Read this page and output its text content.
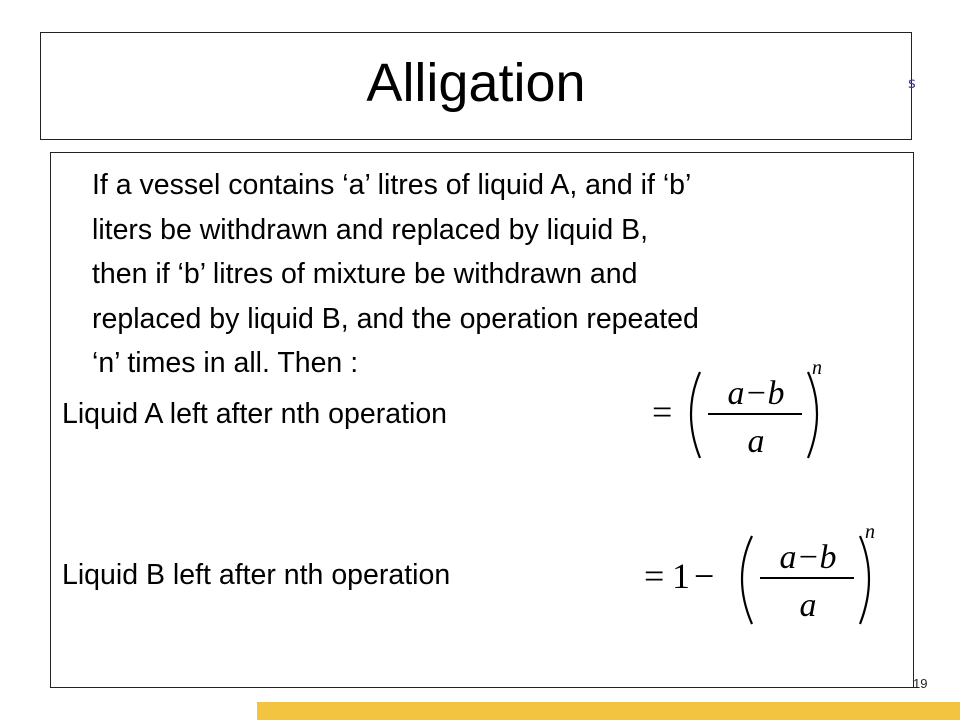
Alligation	s
If a vessel contains ‘a’ litres of liquid A, and if ‘b’
liters be withdrawn and replaced by liquid B,
then if ‘b’ litres of mixture be withdrawn and
replaced by liquid B, and the operation repeated
‘n’ times in all. Then :

Liquid A left after nth operation

Liquid B left after nth operation

= a−b
a
n
= 1 − a−b
a
n
19
